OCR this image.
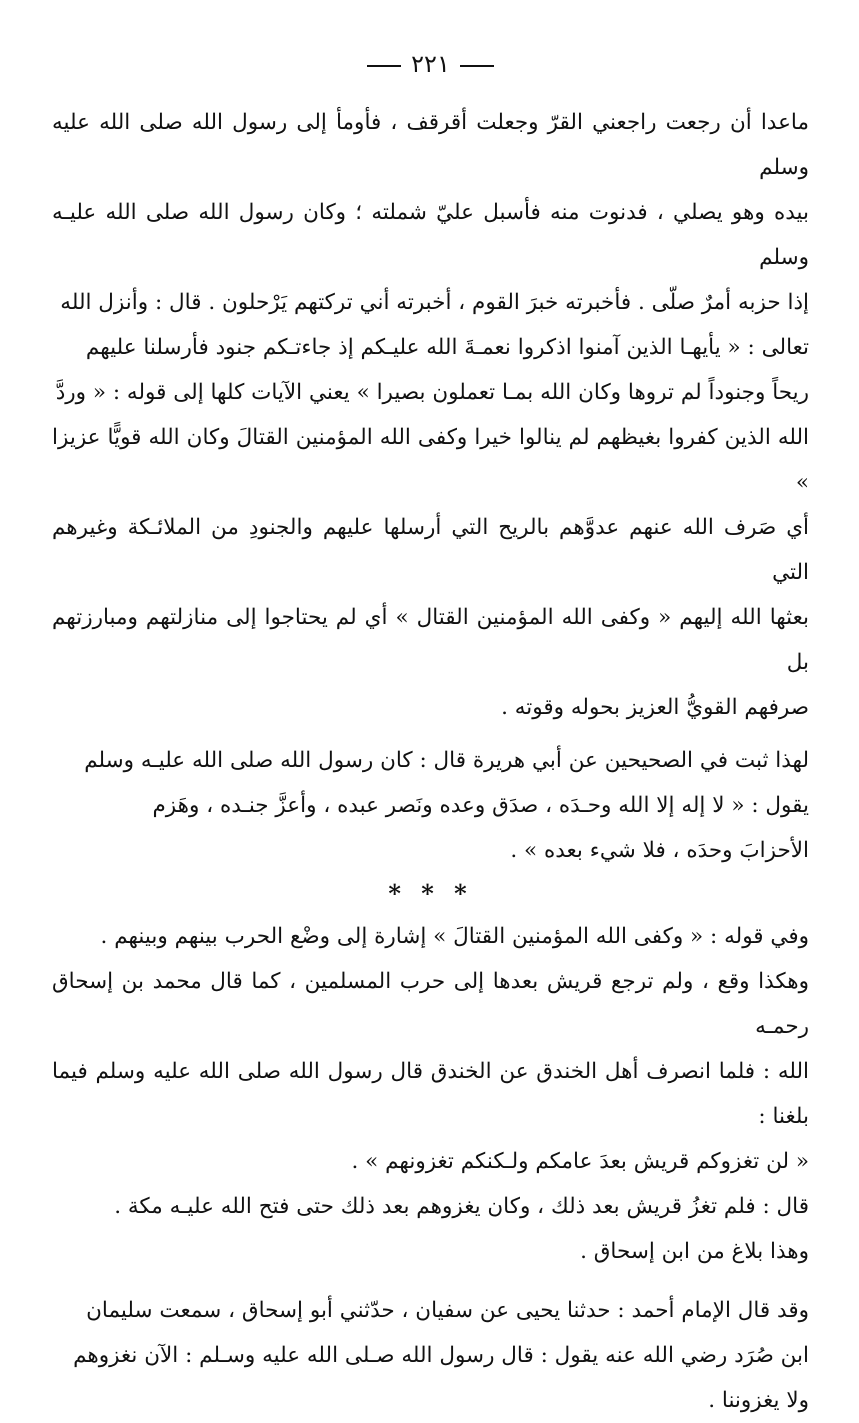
٢٢١
ماعدا أن رجعت راجعني القرّ وجعلت أقرقف ، فأومأ إلى رسول الله صلى الله عليه وسلم
بيده وهو يصلي ، فدنوت منه فأسبل عليّ شملته ؛ وكان رسول الله صلى الله عليـه وسلم
إذا حزبه أمرٌ صلّى . فأخبرته خبرَ القوم ، أخبرته أني تركتهم يَرْحلون . قال : وأنزل الله
تعالى : « يأيهـا الذين آمنوا اذكروا نعمـةَ الله عليـكم إذ جاءتـكم جنود فأرسلنا عليهم
ريحاً وجنوداً لم تروها وكان الله بمـا تعملون بصيرا » يعني الآيات كلها إلى قوله : « وردَّ
الله الذين كفروا بغيظهم لم ينالوا خيرا وكفى الله المؤمنين القتالَ وكان الله قويًّا عزيزا »
أي صَرف الله عنهم عدوَّهم بالريح التي أرسلها عليهم والجنودِ من الملائـكة وغيرهم التي
بعثها الله إليهم « وكفى الله المؤمنين القتال » أي لم يحتاجوا إلى منازلتهم ومبارزتهم بل
صرفهم القويُّ العزيز بحوله وقوته .
لهذا ثبت في الصحيحين عن أبي هريرة قال : كان رسول الله صلى الله عليـه وسلم
يقول : « لا إله إلا الله وحـدَه ، صدَق وعده ونَصر عبده ، وأعزَّ جنـده ، وهَزم
الأحزابَ وحدَه ، فلا شيء بعده » .
* * *
وفي قوله : « وكفى الله المؤمنين القتالَ » إشارة إلى وضْع الحرب بينهم وبينهم .
وهكذا وقع ، ولم ترجع قريش بعدها إلى حرب المسلمين ، كما قال محمد بن إسحاق رحمـه
الله : فلما انصرف أهل الخندق عن الخندق قال رسول الله صلى الله عليه وسلم فيما بلغنا :
« لن تغزوكم قريش بعدَ عامكم ولـكنكم تغزونهم » .
قال : فلم تغزُ قريش بعد ذلك ، وكان يغزوهم بعد ذلك حتى فتح الله عليـه مكة .
وهذا بلاغ من ابن إسحاق .
وقد قال الإمام أحمد : حدثنا يحيى عن سفيان ، حدّثني أبو إسحاق ، سمعت سليمان
ابن صُرَد رضي الله عنه يقول : قال رسول الله صـلى الله عليه وسـلم : الآن نغزوهم
ولا يغزوننا .
